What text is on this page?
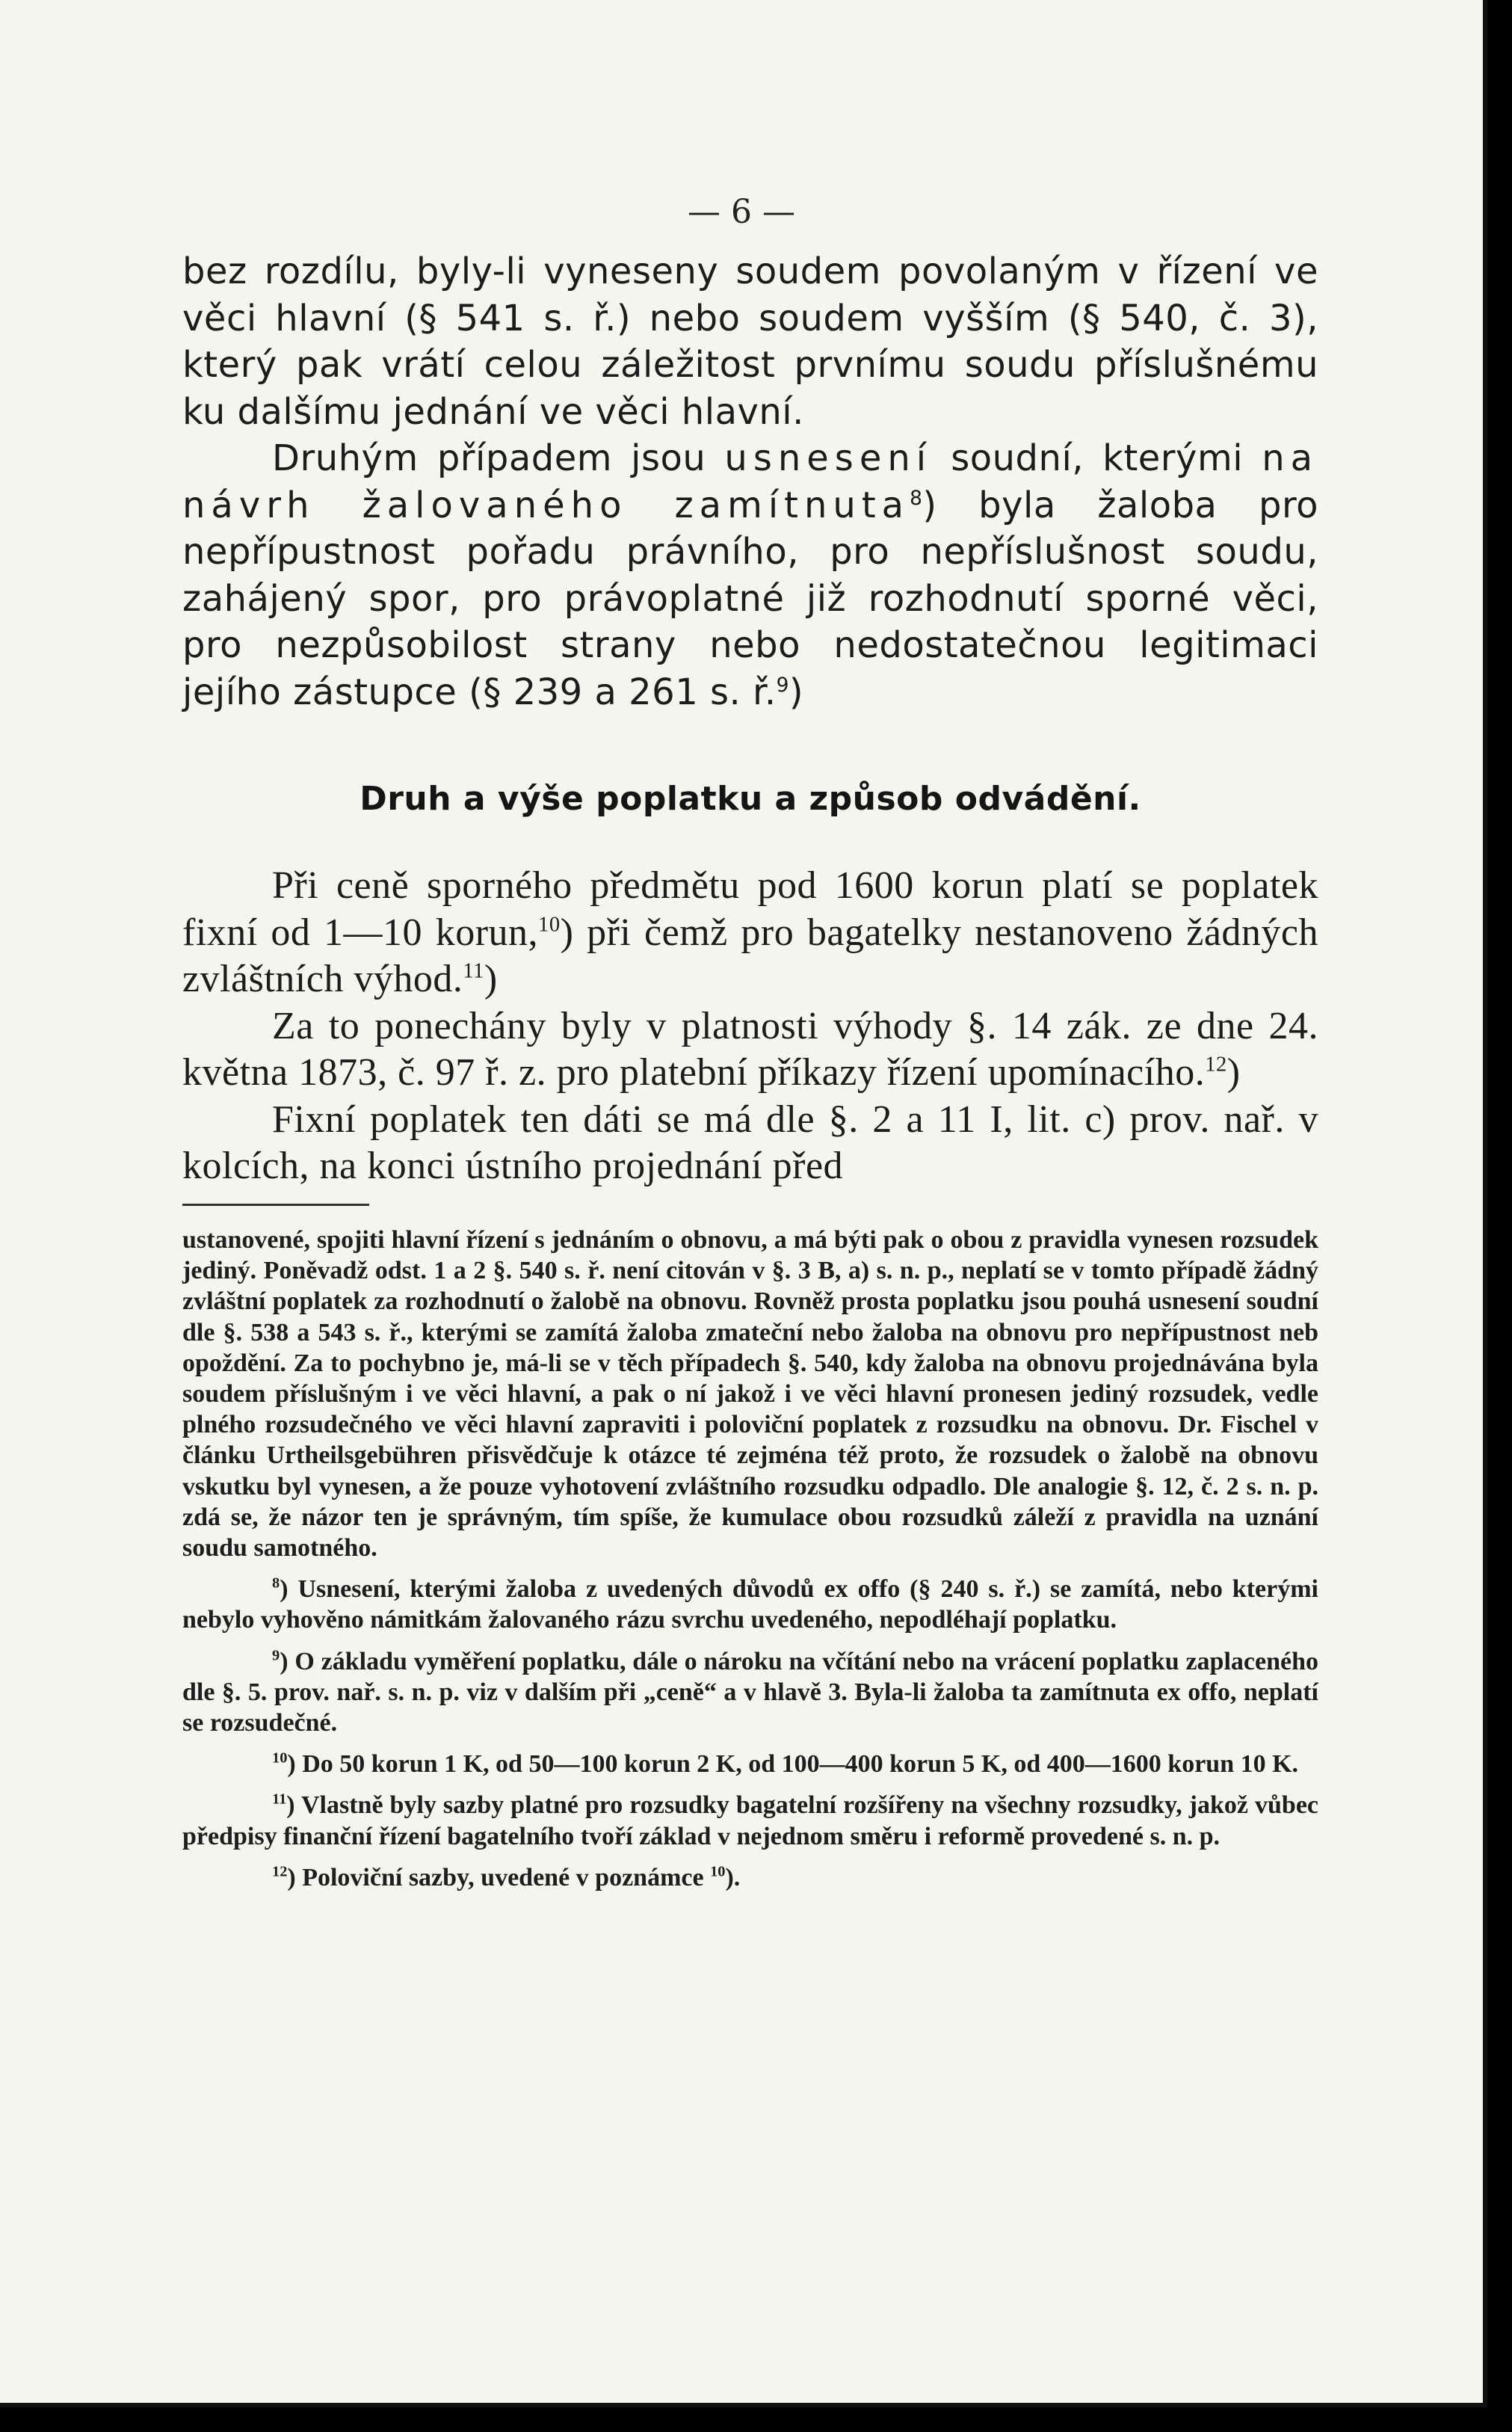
— 6 —

bez rozdílu, byly-li vyneseny soudem povolaným v řízení ve věci hlavní (§ 541 s. ř.) nebo soudem vyšším (§ 540, č. 3), který pak vrátí celou záležitost prvnímu soudu příslušnému ku dalšímu jednání ve věci hlavní.

Druhým případem jsou usnesení soudní, kterými na návrh žalovaného zamítnuta$^8$) byla žaloba pro nepřípustnost pořadu právního, pro nepříslušnost soudu, zahájený spor, pro právoplatné již rozhodnutí sporné věci, pro nezpůsobilost strany nebo nedostatečnou legitimaci jejího zástupce (§ 239 a 261 s. ř.$^9$)

Druh a výše poplatku a způsob odvádění.

Při ceně sporného předmětu pod 1600 korun platí se poplatek fixní od 1—10 korun,$^{10}$) při čemž pro bagatelky nestanoveno žádných zvláštních výhod.$^{11}$)

Za to ponechány byly v platnosti výhody §. 14 zák. ze dne 24. května 1873, č. 97 ř. z. pro platební příkazy řízení upomínacího.$^{12}$)

Fixní poplatek ten dáti se má dle §. 2 a 11 I, lit. c) prov. nař. v kolcích, na konci ústního projednání před

ustanovené, spojiti hlavní řízení s jednáním o obnovu, a má býti pak o obou z pravidla vynesen rozsudek jediný. Poněvadž odst. 1 a 2 §. 540 s. ř. není citován v §. 3 B, a) s. n. p., neplatí se v tomto případě žádný zvláštní poplatek za rozhodnutí o žalobě na obnovu. Rovněž prosta poplatku jsou pouhá usnesení soudní dle §. 538 a 543 s. ř., kterými se zamítá žaloba zmateční nebo žaloba na obnovu pro nepřípustnost neb opoždění. Za to pochybno je, má-li se v těch případech §. 540, kdy žaloba na obnovu projednávána byla soudem příslušným i ve věci hlavní, a pak o ní jakož i ve věci hlavní pronesen jediný rozsudek, vedle plného rozsudečného ve věci hlavní zapraviti i poloviční poplatek z rozsudku na obnovu. Dr. Fischel v článku Urtheilsgebühren přisvědčuje k otázce té zejména též proto, že rozsudek o žalobě na obnovu vskutku byl vynesen, a že pouze vyhotovení zvláštního rozsudku odpadlo. Dle analogie §. 12, č. 2 s. n. p. zdá se, že názor ten je správným, tím spíše, že kumulace obou rozsudků záleží z pravidla na uznání soudu samotného.

$^8$) Usnesení, kterými žaloba z uvedených důvodů ex offo (§ 240 s. ř.) se zamítá, nebo kterými nebylo vyhověno námitkám žalovaného rázu svrchu uvedeného, nepodléhají poplatku.

$^9$) O základu vyměření poplatku, dále o nároku na včítání nebo na vrácení poplatku zaplaceného dle §. 5. prov. nař. s. n. p. viz v dalším při „ceně“ a v hlavě 3. Byla-li žaloba ta zamítnuta ex offo, neplatí se rozsudečné.

$^{10}$) Do 50 korun 1 K, od 50—100 korun 2 K, od 100—400 korun 5 K, od 400—1600 korun 10 K.

$^{11}$) Vlastně byly sazby platné pro rozsudky bagatelní rozšířeny na všechny rozsudky, jakož vůbec předpisy finanční řízení bagatelního tvoří základ v nejednom směru i reformě provedené s. n. p.

$^{12}$) Poloviční sazby, uvedené v poznámce $^{10}$).
